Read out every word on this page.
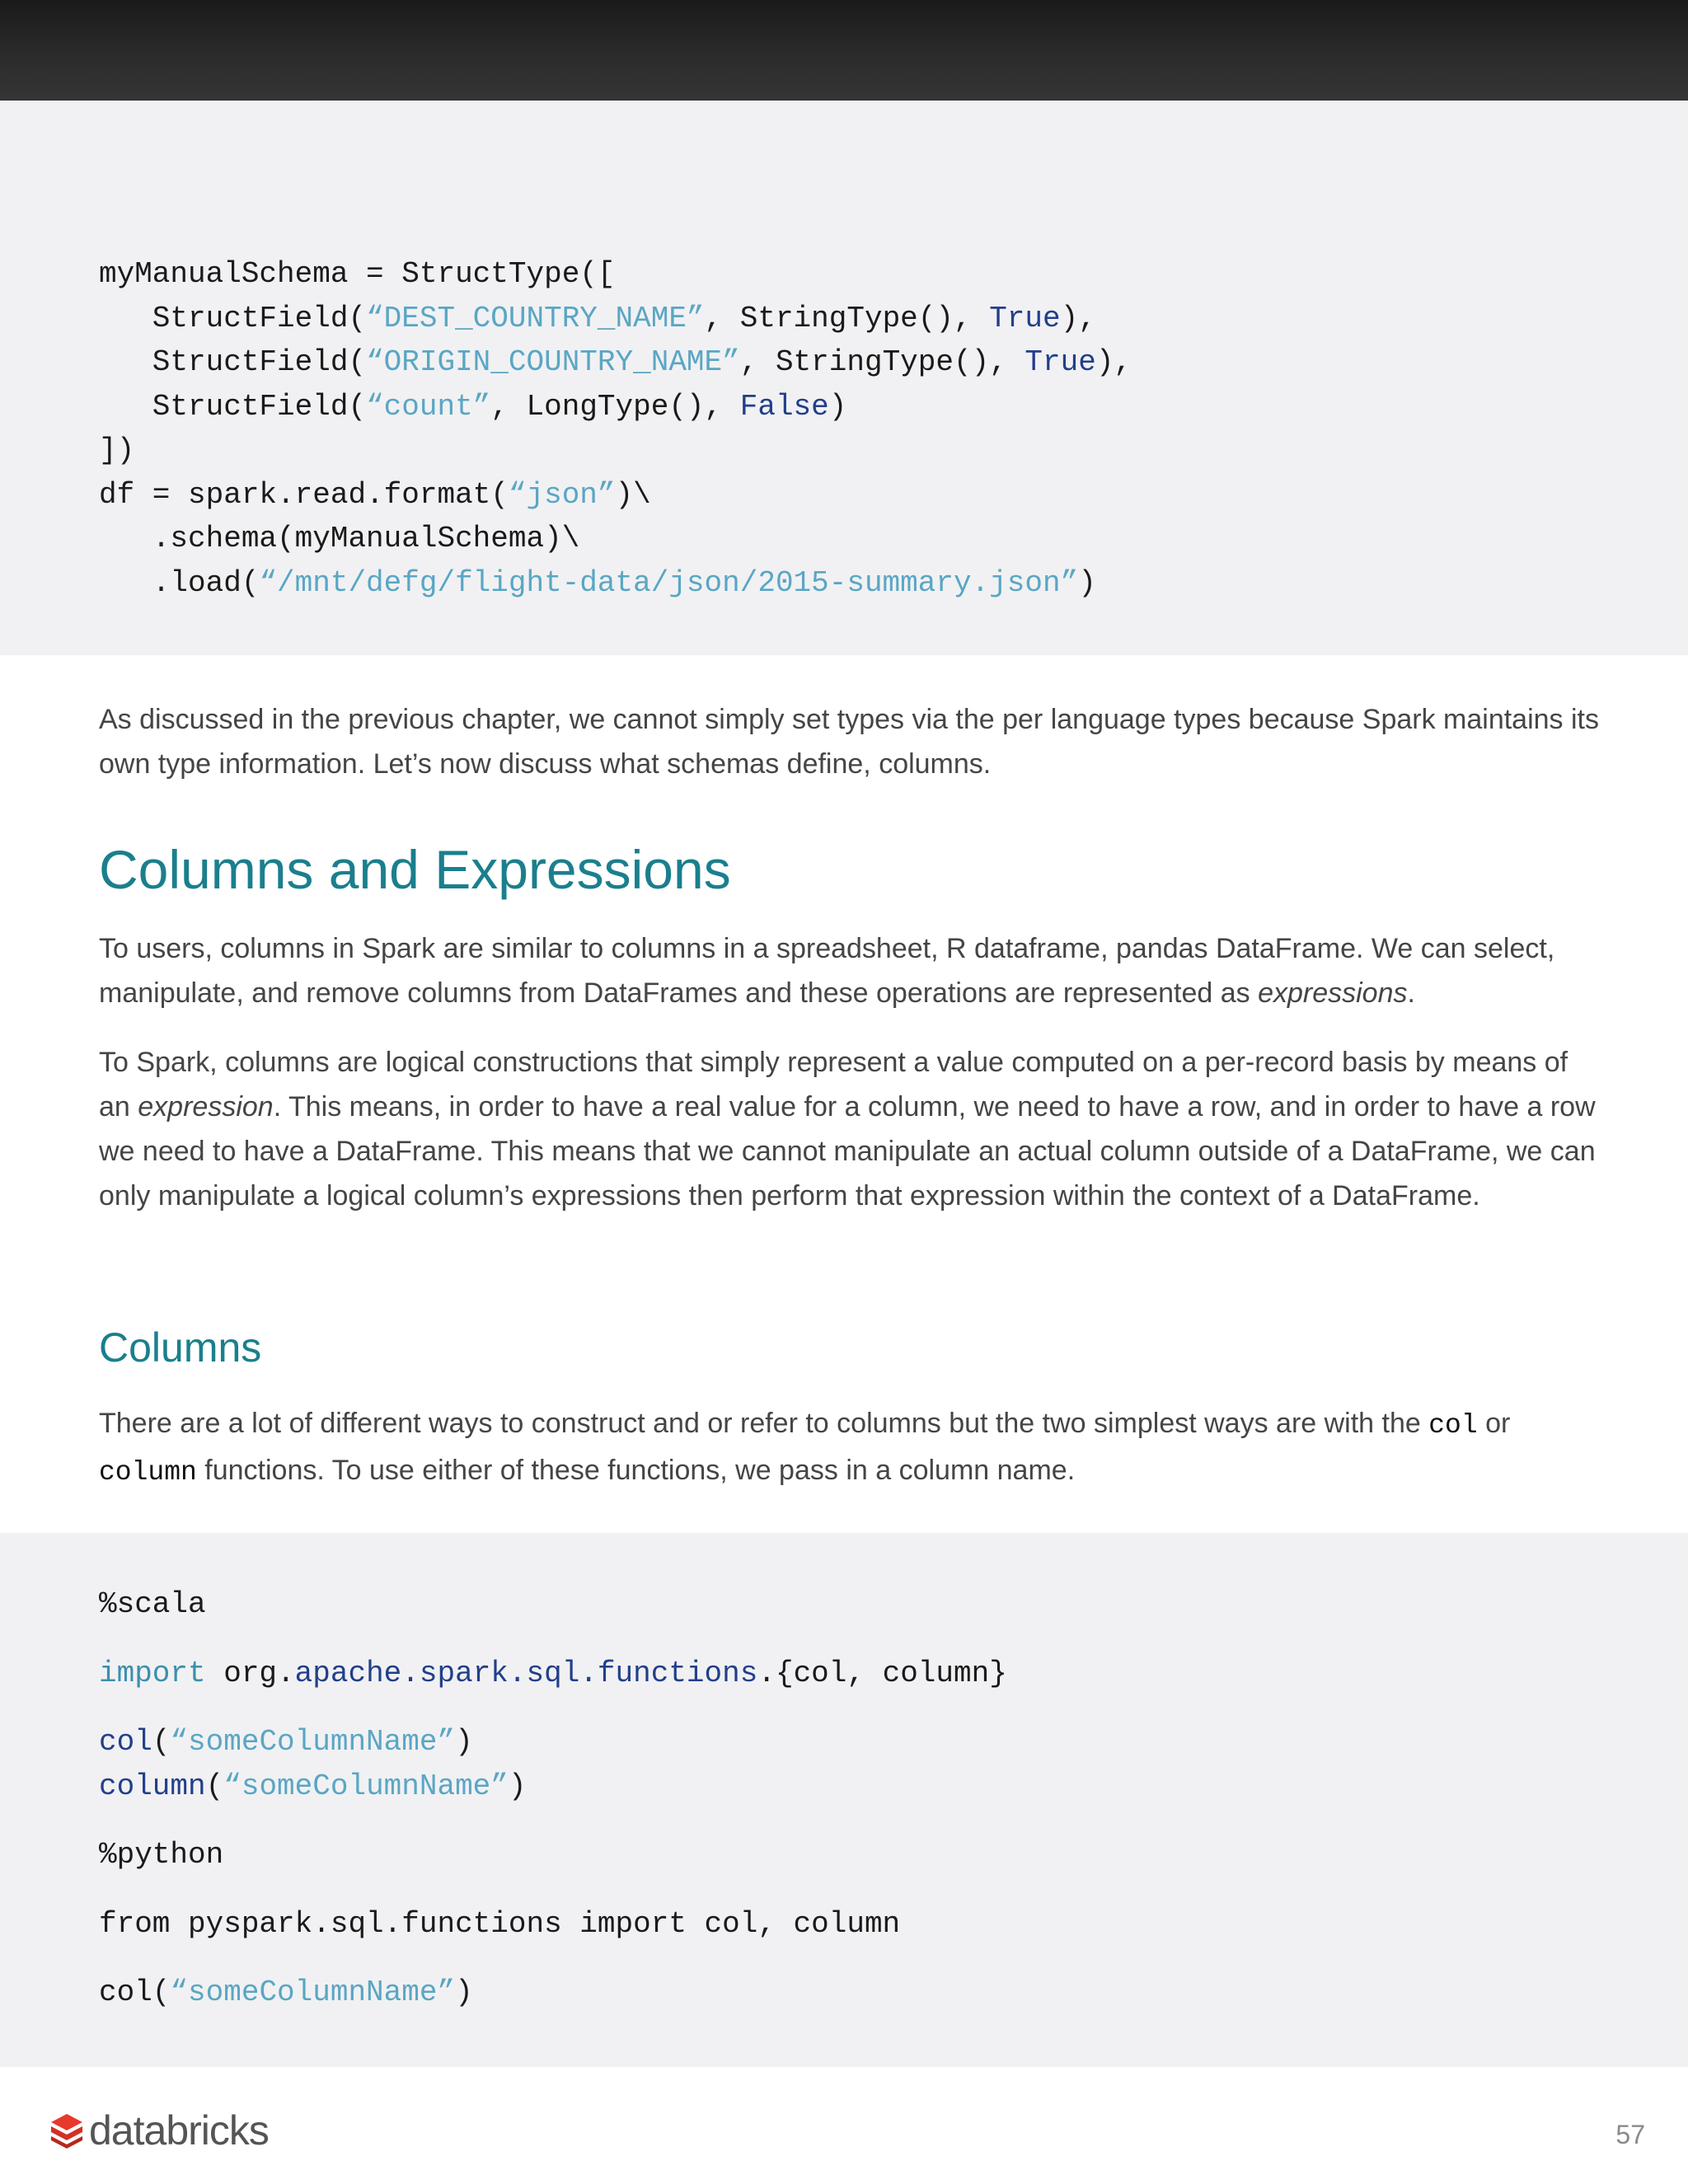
myManualSchema = StructType([
StructField(“DEST_COUNTRY_NAME”, StringType(), True),
StructField(“ORIGIN_COUNTRY_NAME”, StringType(), True),
StructField(“count”, LongType(), False)
])
df = spark.read.format(“json”)\
.schema(myManualSchema)\
.load(“/mnt/defg/flight-data/json/2015-summary.json”)

As discussed in the previous chapter, we cannot simply set types via the per language types because Spark maintains its own type information. Let’s now discuss what schemas define, columns.

Columns and Expressions

To users, columns in Spark are similar to columns in a spreadsheet, R dataframe, pandas DataFrame. We can select, manipulate, and remove columns from DataFrames and these operations are represented as expressions.

To Spark, columns are logical constructions that simply represent a value computed on a per-record basis by means of an expression. This means, in order to have a real value for a column, we need to have a row, and in order to have a row we need to have a DataFrame. This means that we cannot manipulate an actual column outside of a DataFrame, we can only manipulate a logical column’s expressions then perform that expression within the context of a DataFrame.

Columns

There are a lot of different ways to construct and or refer to columns but the two simplest ways are with the col or column functions. To use either of these functions, we pass in a column name.

%scala
import org.apache.spark.sql.functions.{col, column}
col(“someColumnName”)
column(“someColumnName”)
%python
from pyspark.sql.functions import col, column
col(“someColumnName”)
databricks	57
